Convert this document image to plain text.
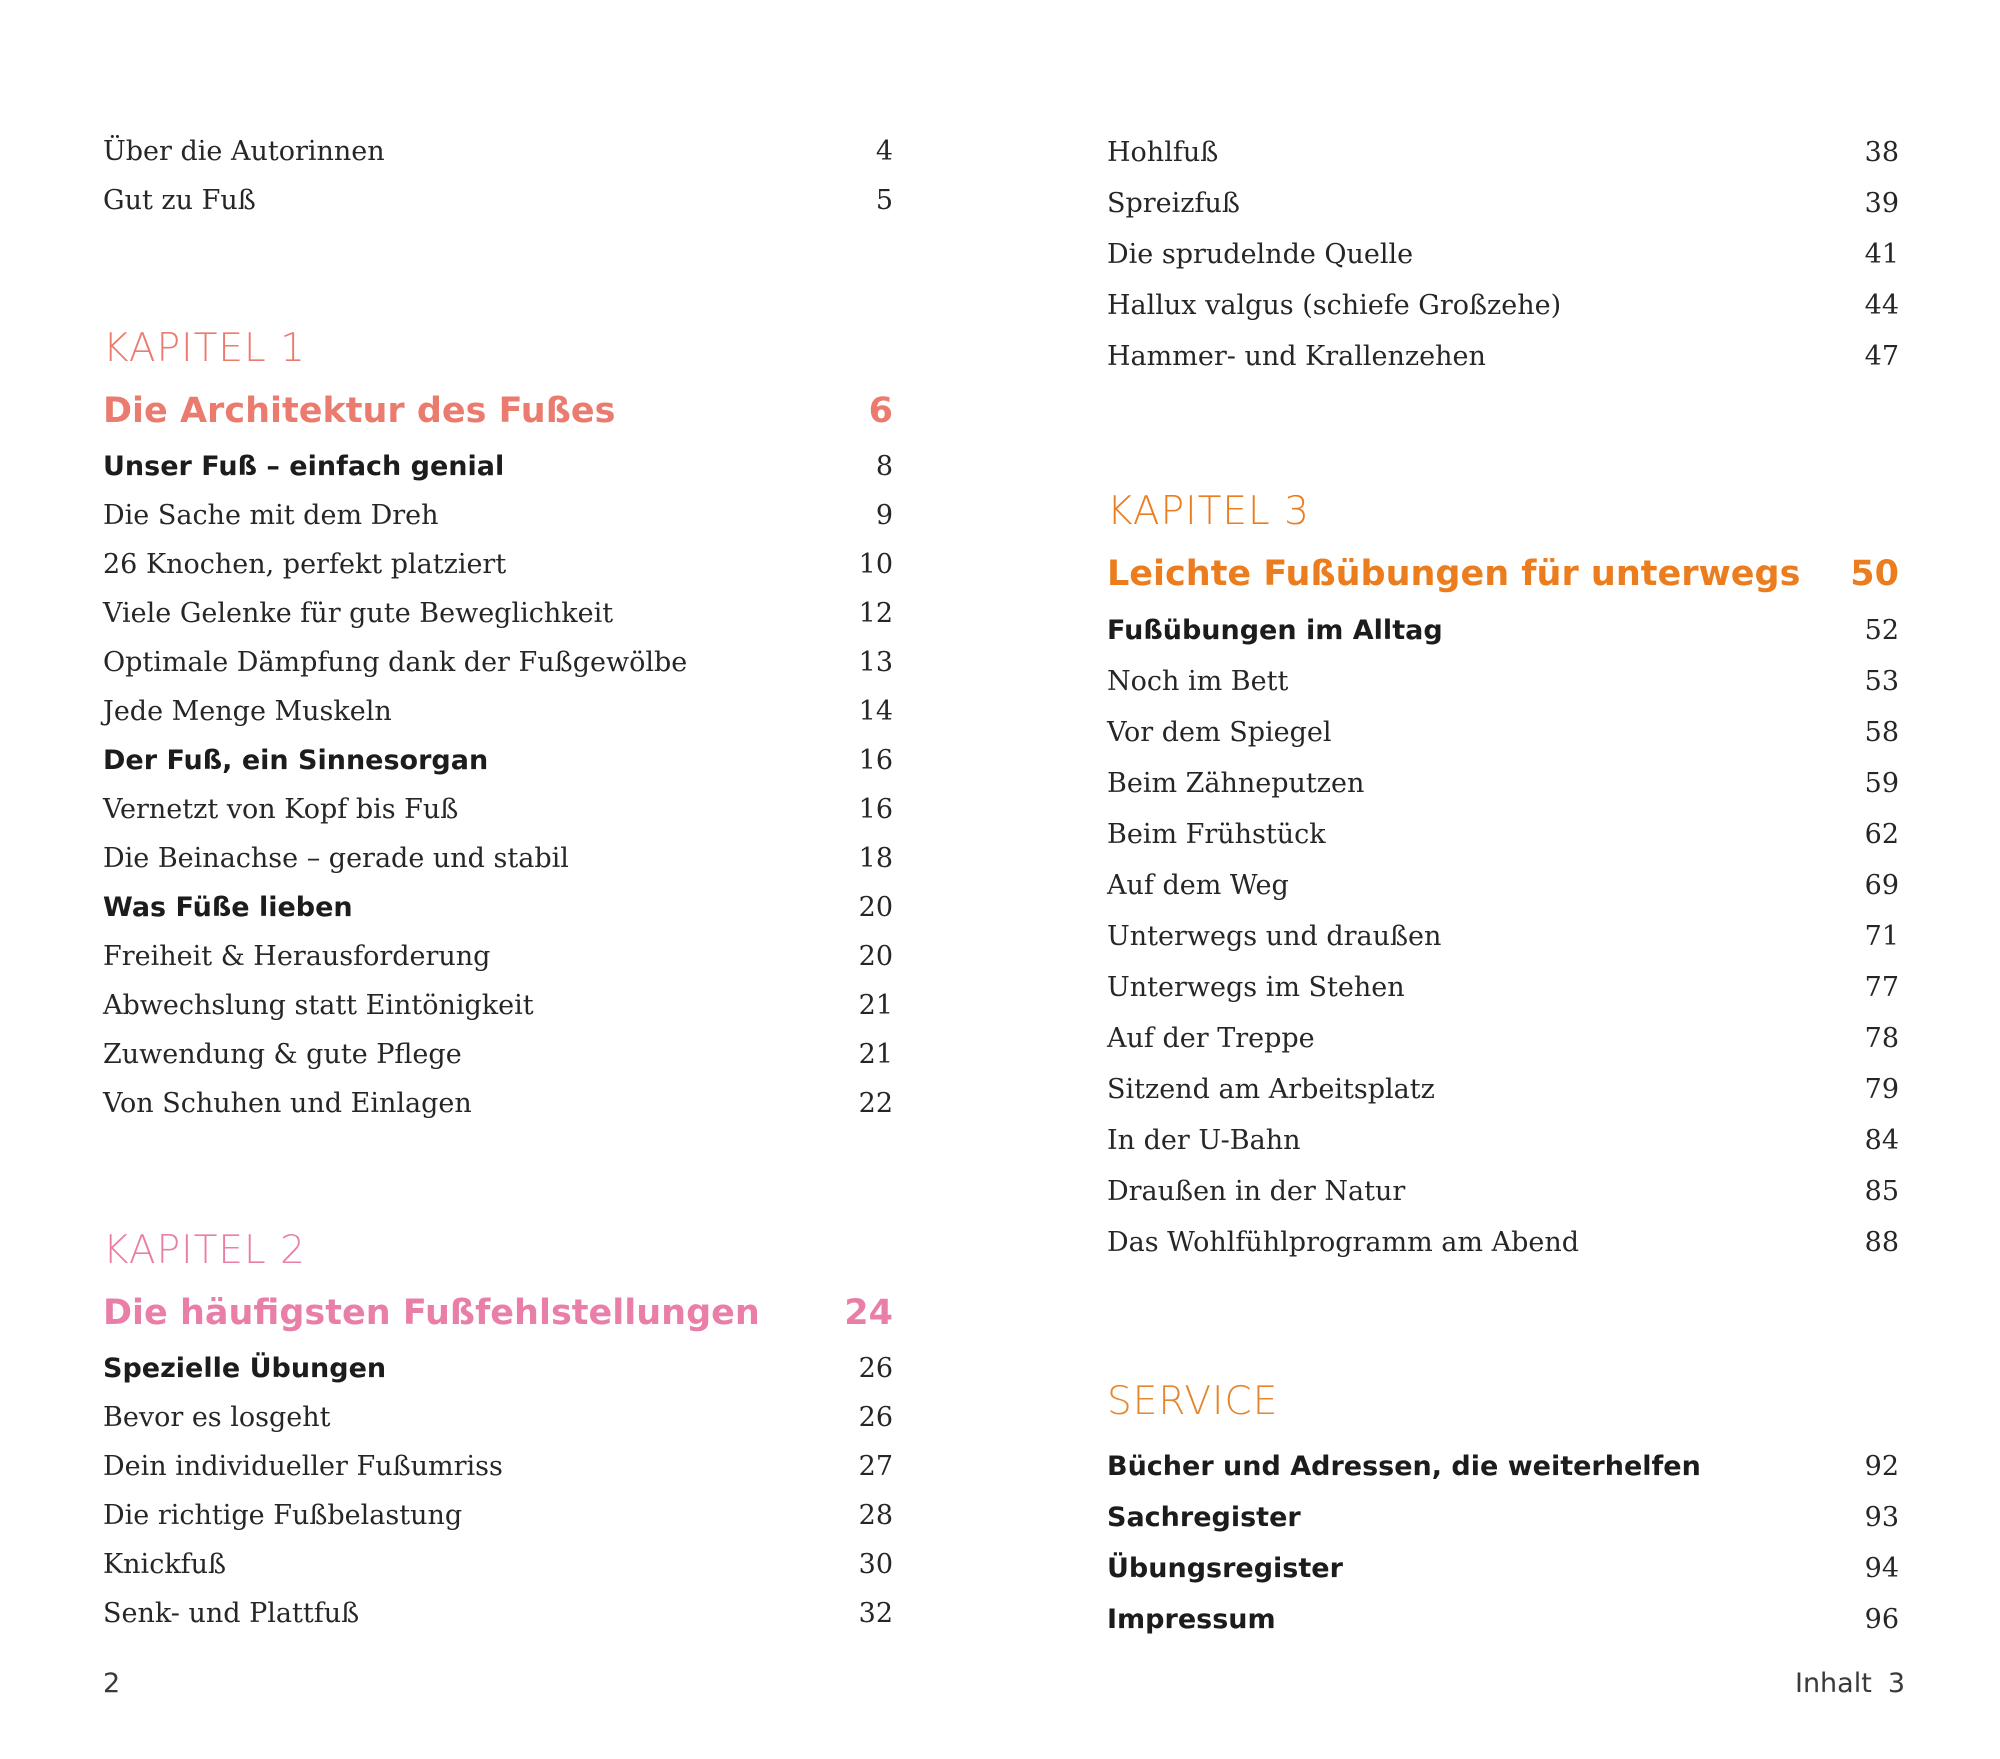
Über die Autorinnen	4
Gut zu Fuß	5
KAPITEL 1
Die Architektur des Fußes	6
Unser Fuß – einfach genial	8
Die Sache mit dem Dreh	9
26 Knochen, perfekt platziert	10
Viele Gelenke für gute Beweglichkeit	12
Optimale Dämpfung dank der Fußgewölbe	13
Jede Menge Muskeln	14
Der Fuß, ein Sinnesorgan	16
Vernetzt von Kopf bis Fuß	16
Die Beinachse – gerade und stabil	18
Was Füße lieben	20
Freiheit & Herausforderung	20
Abwechslung statt Eintönigkeit	21
Zuwendung & gute Pflege	21
Von Schuhen und Einlagen	22
KAPITEL 2
Die häufigsten Fußfehlstellungen 24
Spezielle Übungen	26
Bevor es losgeht	26
Dein individueller Fußumriss	27
Die richtige Fußbelastung	28
Knickfuß	30
Senk- und Plattfuß	32
Hohlfuß	38
Spreizfuß	39
Die sprudelnde Quelle	41
Hallux valgus (schiefe Großzehe)	44
Hammer- und Krallenzehen	47
KAPITEL 3
Leichte Fußübungen für unterwegs 50
Fußübungen im Alltag	52
Noch im Bett	53
Vor dem Spiegel	58
Beim Zähneputzen	59
Beim Frühstück	62
Auf dem Weg	69
Unterwegs und draußen	71
Unterwegs im Stehen	77
Auf der Treppe	78
Sitzend am Arbeitsplatz	79
In der U-Bahn	84
Draußen in der Natur	85
Das Wohlfühlprogramm am Abend	88
SERVICE
Bücher und Adressen, die weiterhelfen	92
Sachregister	93
Übungsregister	94
Impressum	96
2	Inhalt 3
